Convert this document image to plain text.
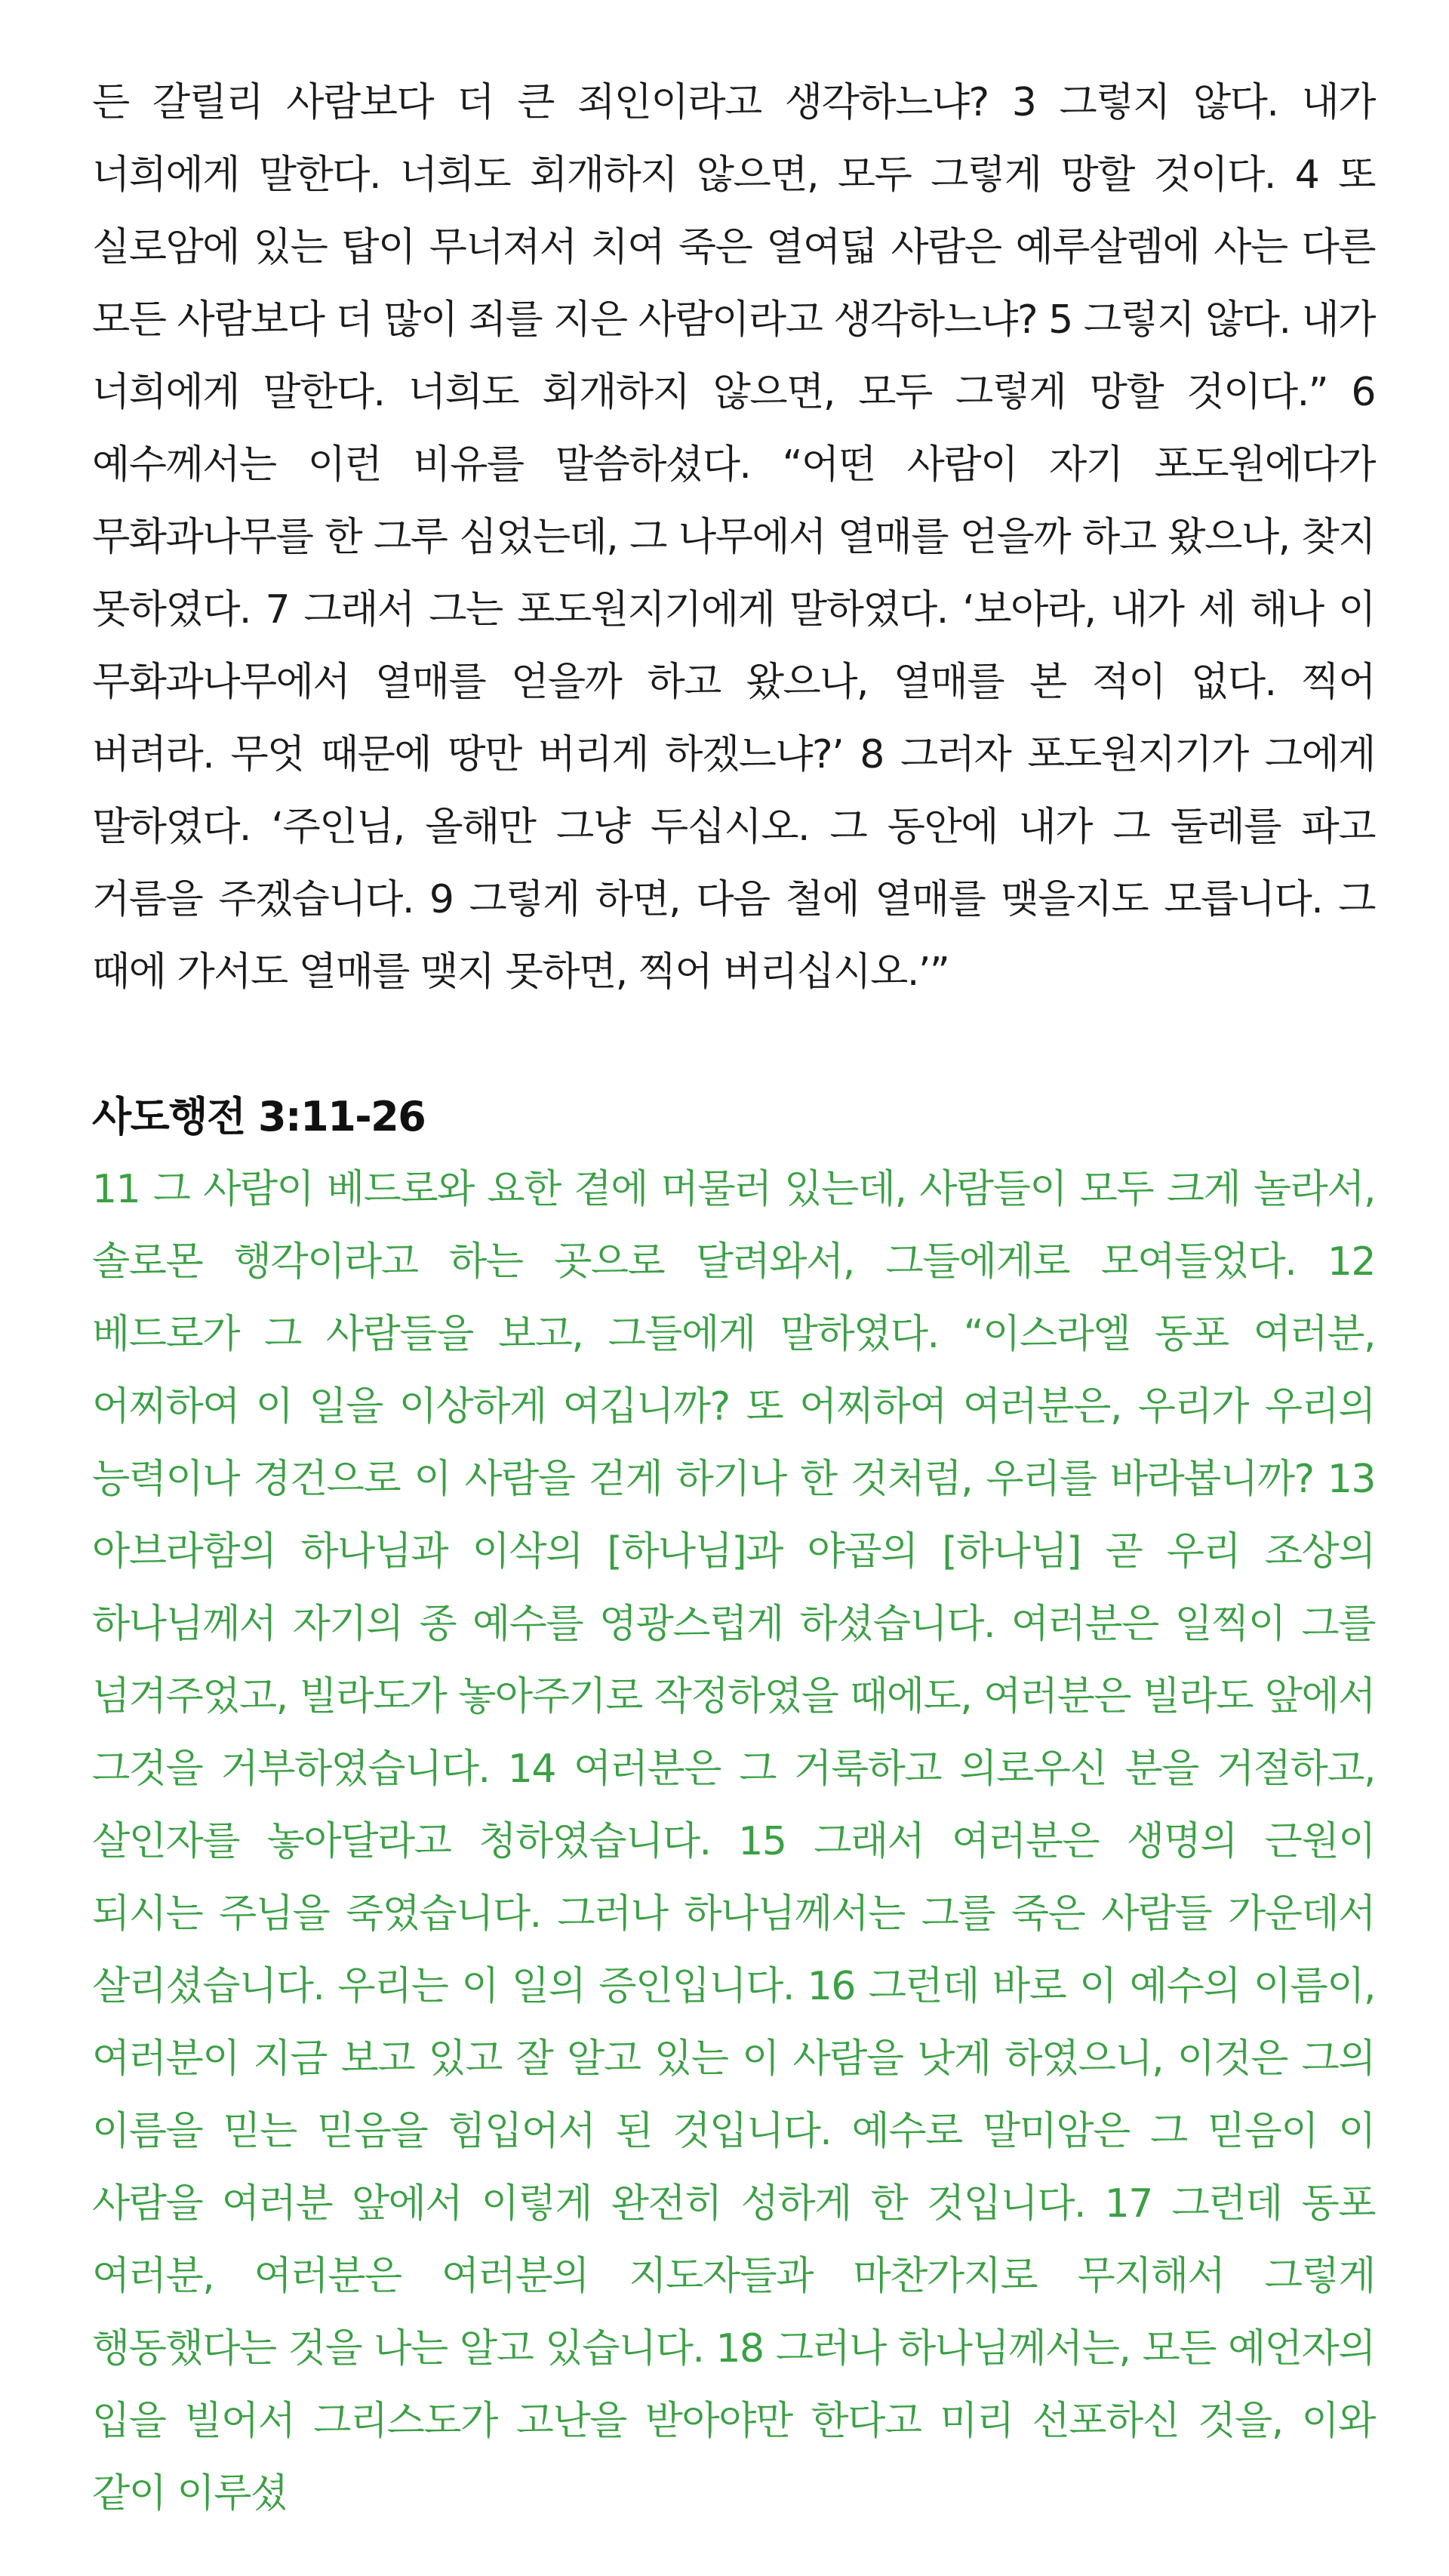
든 갈릴리 사람보다 더 큰 죄인이라고 생각하느냐? 3 그렇지 않다. 내가 너희에게 말한다. 너희도 회개하지 않으면, 모두 그렇게 망할 것이다. 4 또 실로암에 있는 탑이 무너져서 치여 죽은 열여덟 사람은 예루살렘에 사는 다른 모든 사람보다 더 많이 죄를 지은 사람이라고 생각하느냐? 5 그렇지 않다. 내가 너희에게 말한다. 너희도 회개하지 않으면, 모두 그렇게 망할 것이다.” 6 예수께서는 이런 비유를 말씀하셨다. “어떤 사람이 자기 포도원에다가 무화과나무를 한 그루 심었는데, 그 나무에서 열매를 얻을까 하고 왔으나, 찾지 못하였다. 7 그래서 그는 포도원지기에게 말하였다. ‘보아라, 내가 세 해나 이 무화과나무에서 열매를 얻을까 하고 왔으나, 열매를 본 적이 없다. 찍어 버려라. 무엇 때문에 땅만 버리게 하겠느냐?’ 8 그러자 포도원지기가 그에게 말하였다. ‘주인님, 올해만 그냥 두십시오. 그 동안에 내가 그 둘레를 파고 거름을 주겠습니다. 9 그렇게 하면, 다음 철에 열매를 맺을지도 모릅니다. 그 때에 가서도 열매를 맺지 못하면, 찍어 버리십시오.’”

사도행전 3:11-26

11 그 사람이 베드로와 요한 곁에 머물러 있는데, 사람들이 모두 크게 놀라서, 솔로몬 행각이라고 하는 곳으로 달려와서, 그들에게로 모여들었다. 12 베드로가 그 사람들을 보고, 그들에게 말하였다. “이스라엘 동포 여러분, 어찌하여 이 일을 이상하게 여깁니까? 또 어찌하여 여러분은, 우리가 우리의 능력이나 경건으로 이 사람을 걷게 하기나 한 것처럼, 우리를 바라봅니까? 13 아브라함의 하나님과 이삭의 [하나님]과 야곱의 [하나님] 곧 우리 조상의 하나님께서 자기의 종 예수를 영광스럽게 하셨습니다. 여러분은 일찍이 그를 넘겨주었고, 빌라도가 놓아주기로 작정하였을 때에도, 여러분은 빌라도 앞에서 그것을 거부하였습니다. 14 여러분은 그 거룩하고 의로우신 분을 거절하고, 살인자를 놓아달라고 청하였습니다. 15 그래서 여러분은 생명의 근원이 되시는 주님을 죽였습니다. 그러나 하나님께서는 그를 죽은 사람들 가운데서 살리셨습니다. 우리는 이 일의 증인입니다. 16 그런데 바로 이 예수의 이름이, 여러분이 지금 보고 있고 잘 알고 있는 이 사람을 낫게 하였으니, 이것은 그의 이름을 믿는 믿음을 힘입어서 된 것입니다. 예수로 말미암은 그 믿음이 이 사람을 여러분 앞에서 이렇게 완전히 성하게 한 것입니다. 17 그런데 동포 여러분, 여러분은 여러분의 지도자들과 마찬가지로 무지해서 그렇게 행동했다는 것을 나는 알고 있습니다. 18 그러나 하나님께서는, 모든 예언자의 입을 빌어서 그리스도가 고난을 받아야만 한다고 미리 선포하신 것을, 이와 같이 이루셨
